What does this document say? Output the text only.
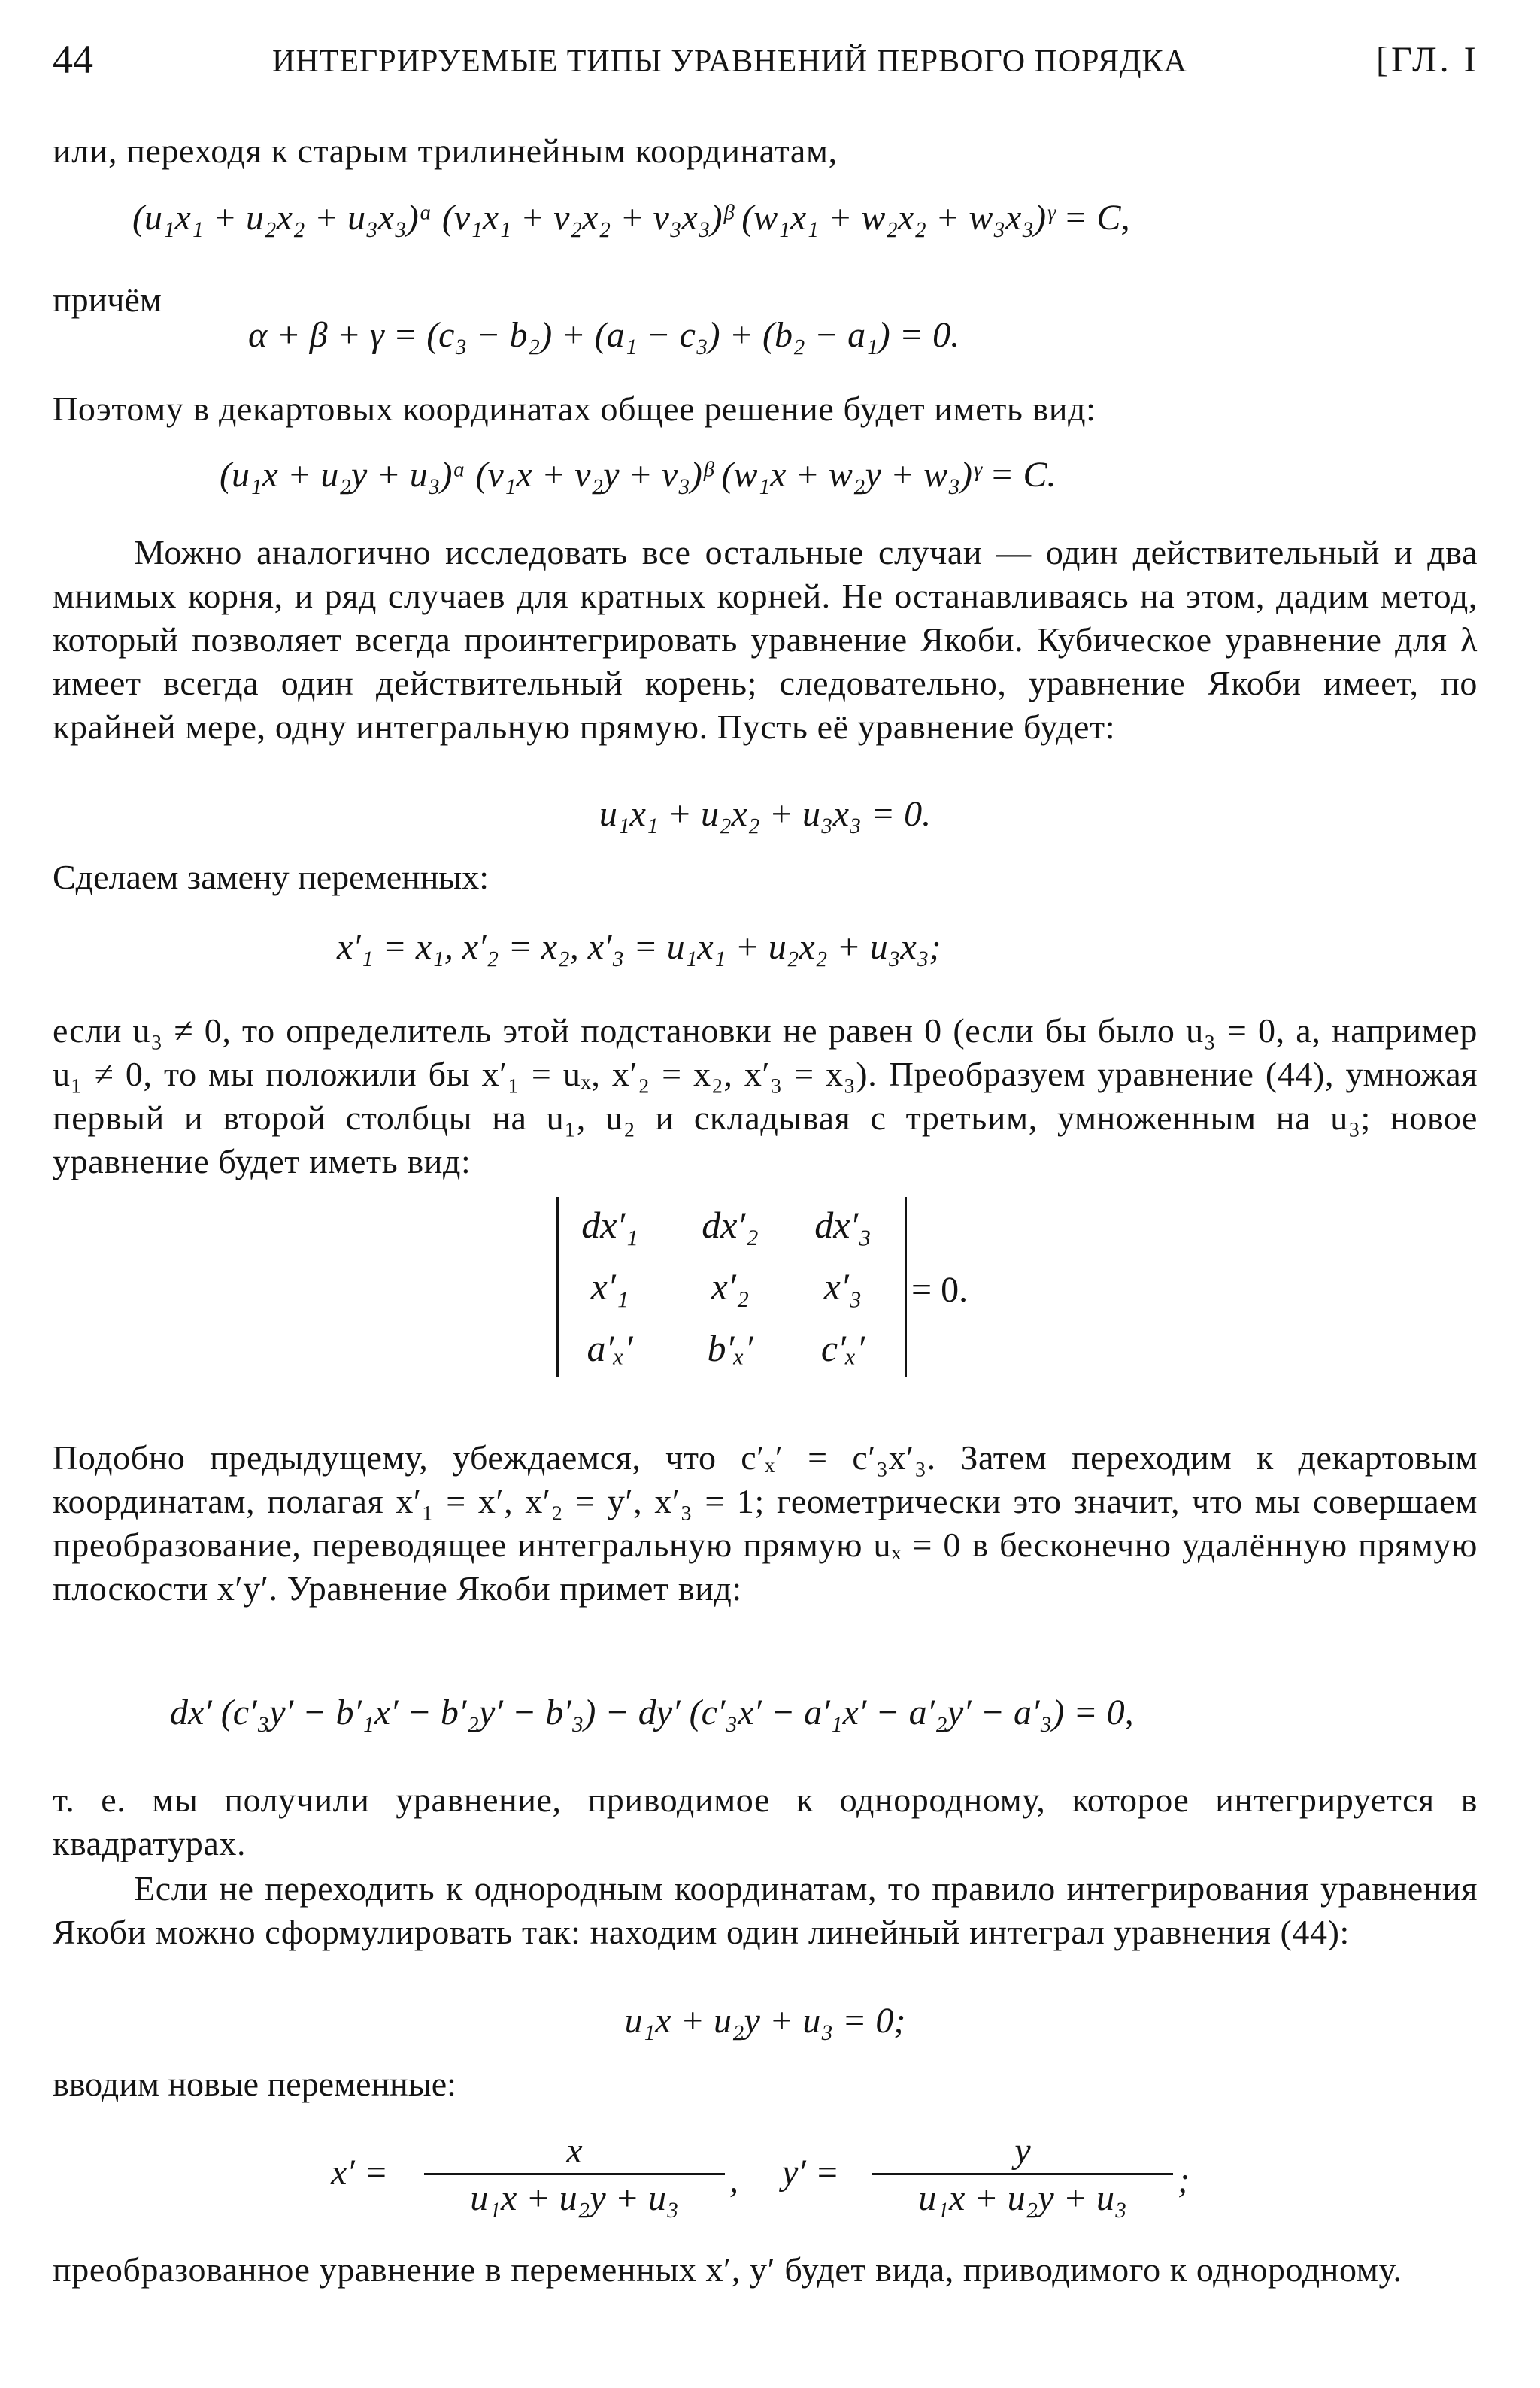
44	ИНТЕГРИРУЕМЫЕ ТИПЫ УРАВНЕНИЙ ПЕРВОГО ПОРЯДКА	[ГЛ. I

или, переходя к старым трилинейным координатам,

(u₁x₁ + u₂x₂ + u₃x₃)ᵅ (v₁x₁ + v₂x₂ + v₃x₃)ᵝ (w₁x₁ + w₂x₂ + w₃x₃)ᵞ = C,
причём
α + β + γ = (c₃ − b₂) + (a₁ − c₃) + (b₂ − a₁) = 0.

Поэтому в декартовых координатах общее решение будет иметь вид:

(u₁x + u₂y + u₃)ᵅ (v₁x + v₂y + v₃)ᵝ (w₁x + w₂y + w₃)ᵞ = C.

Можно аналогично исследовать все остальные случаи — один действительный и два мнимых корня, и ряд случаев для кратных корней. Не останавливаясь на этом, дадим метод, который позволяет всегда проинтегрировать уравнение Якоби. Кубическое уравнение для λ имеет всегда один действительный корень; следовательно, уравнение Якоби имеет, по крайней мере, одну интегральную прямую. Пусть её уравнение будет:

u₁x₁ + u₂x₂ + u₃x₃ = 0.
Сделаем замену переменных:
x′₁ = x₁, x′₂ = x₂, x′₃ = u₁x₁ + u₂x₂ + u₃x₃;

если u₃ ≠ 0, то определитель этой подстановки не равен 0 (если бы было u₃ = 0, а, например u₁ ≠ 0, то мы положили бы x′₁ = uₓ, x′₂ = x₂, x′₃ = x₃). Преобразуем уравнение (44), умножая первый и второй столбцы на u₁, u₂ и складывая с третьим, умноженным на u₃; новое уравнение будет иметь вид:

dx′₁	dx′₂	dx′₃
x′₁	x′₂	x′₃
a′ₓ′	b′ₓ′	c′ₓ′
= 0.

Подобно предыдущему, убеждаемся, что c′ₓ′ = c′₃x′₃. Затем переходим к декартовым координатам, полагая x′₁ = x′, x′₂ = y′, x′₃ = 1; геометрически это значит, что мы совершаем преобразование, переводящее интегральную прямую uₓ = 0 в бесконечно удалённую прямую плоскости x′y′. Уравнение Якоби примет вид:

dx′ (c′₃y′ − b′₁x′ − b′₂y′ − b′₃) − dy′ (c′₃x′ − a′₁x′ − a′₂y′ − a′₃) = 0,

т. е. мы получили уравнение, приводимое к однородному, которое интегрируется в квадратурах.

Если не переходить к однородным координатам, то правило интегрирования уравнения Якоби можно сформулировать так: находим один линейный интеграл уравнения (44):

u₁x + u₂y + u₃ = 0;
вводим новые переменные:
$x' = \frac{x}{\text{u₁x + u₂y + u₃}}$ , $y' = \frac{y}{\text{u₁x + u₂y + u₃}}$ ;

преобразованное уравнение в переменных x′, y′ будет вида, приводимого к однородному.
